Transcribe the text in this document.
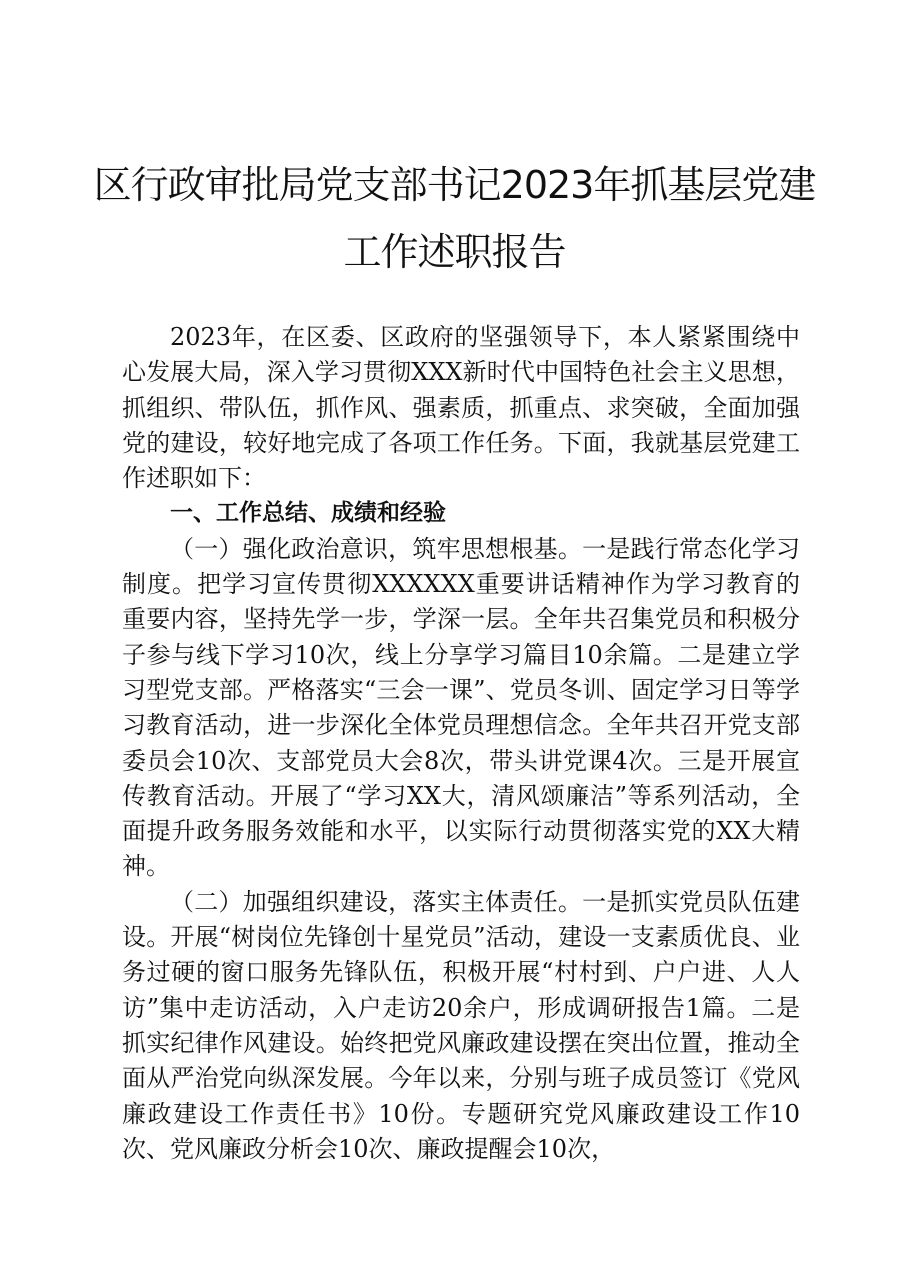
区行政审批局党支部书记2023年抓基层党建
工作述职报告

2023年，在区委、区政府的坚强领导下，本人紧紧围绕中心发展大局，深入学习贯彻XXX新时代中国特色社会主义思想，抓组织、带队伍，抓作风、强素质，抓重点、求突破，全面加强党的建设，较好地完成了各项工作任务。下面，我就基层党建工作述职如下：

一、工作总结、成绩和经验

（一）强化政治意识，筑牢思想根基。一是践行常态化学习制度。把学习宣传贯彻XXXXXX重要讲话精神作为学习教育的重要内容，坚持先学一步，学深一层。全年共召集党员和积极分子参与线下学习10次，线上分享学习篇目10余篇。二是建立学习型党支部。严格落实“三会一课”、党员冬训、固定学习日等学习教育活动，进一步深化全体党员理想信念。全年共召开党支部委员会10次、支部党员大会8次，带头讲党课4次。三是开展宣传教育活动。开展了“学习XX大，清风颂廉洁”等系列活动，全面提升政务服务效能和水平，以实际行动贯彻落实党的XX大精神。

（二）加强组织建设，落实主体责任。一是抓实党员队伍建设。开展“树岗位先锋创十星党员”活动，建设一支素质优良、业务过硬的窗口服务先锋队伍，积极开展“村村到、户户进、人人访”集中走访活动，入户走访20余户，形成调研报告1篇。二是抓实纪律作风建设。始终把党风廉政建设摆在突出位置，推动全面从严治党向纵深发展。今年以来，分别与班子成员签订《党风廉政建设工作责任书》10份。专题研究党风廉政建设工作10次、党风廉政分析会10次、廉政提醒会10次，
